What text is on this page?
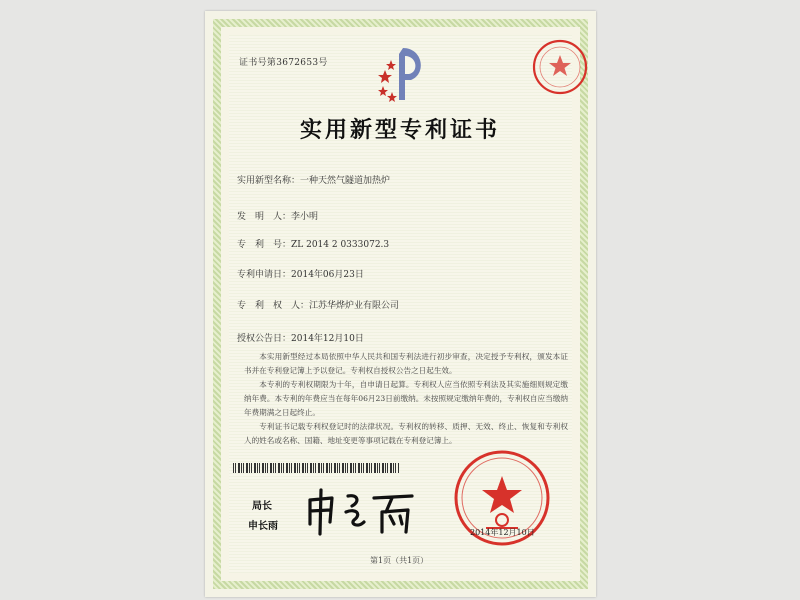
证书号第3672653号
实用新型专利证书
实用新型名称：一种天然气隧道加热炉
发　明　人：李小明
专　利　号：ZL 2014 2 0333072.3
专利申请日：2014年06月23日
专　利　权　人：江苏华烨炉业有限公司
授权公告日：2014年12月10日
本实用新型经过本局依照中华人民共和国专利法进行初步审查，决定授予专利权，颁发本证书并在专利登记簿上予以登记。专利权自授权公告之日起生效。
本专利的专利权期限为十年，自申请日起算。专利权人应当依照专利法及其实施细则规定缴纳年费。本专利的年费应当在每年06月23日前缴纳。未按照规定缴纳年费的，专利权自应当缴纳年费期满之日起终止。
专利证书记载专利权登记时的法律状况。专利权的转移、质押、无效、终止、恢复和专利权人的姓名或名称、国籍、地址变更等事项记载在专利登记簿上。
局长
申长雨
2014年12月10日
第1页（共1页）
